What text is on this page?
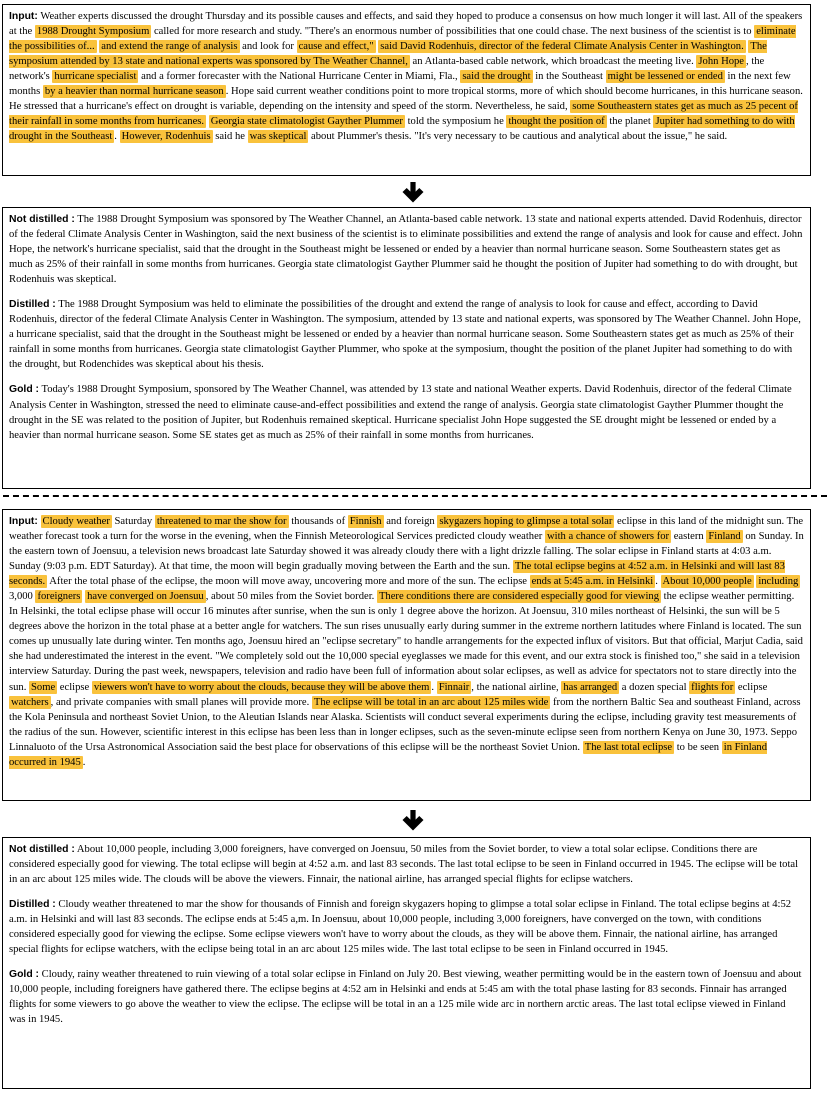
Input: Weather experts discussed the drought Thursday and its possible causes and effects, and said they hoped to produce a consensus on how much longer it will last. All of the speakers at the 1988 Drought Symposium called for more research and study. "There's an enormous number of possibilities that one could chase. The next business of the scientist is to eliminate the possibilities of... and extend the range of analysis and look for cause and effect," said David Rodenhuis, director of the federal Climate Analysis Center in Washington. The symposium attended by 13 state and national experts was sponsored by The Weather Channel, an Atlanta-based cable network, which broadcast the meeting live. John Hope , the network's hurricane specialist and a former forecaster with the National Hurricane Center in Miami, Fla., said the drought in the Southeast might be lessened or ended in the next few months by a heavier than normal hurricane season . Hope said current weather conditions point to more tropical storms, more of which should become hurricanes, in this hurricane season. He stressed that a hurricane's effect on drought is variable, depending on the intensity and speed of the storm. Nevertheless, he said, some Southeastern states get as much as 25 pecent of their rainfall in some months from hurricanes. Georgia state climatologist Gayther Plummer told the symposium he thought the position of the planet Jupiter had something to do with drought in the Southeast . However, Rodenhuis said he was skeptical about Plummer's thesis. "It's very necessary to be cautious and analytical about the issue," he said.

Not distilled : The 1988 Drought Symposium was sponsored by The Weather Channel, an Atlanta-based cable network. 13 state and national experts attended. David Rodenhuis, director of the federal Climate Analysis Center in Washington, said the next business of the scientist is to eliminate possibilities and extend the range of analysis and look for cause and effect. John Hope, the network's hurricane specialist, said that the drought in the Southeast might be lessened or ended by a heavier than normal hurricane season. Some Southeastern states get as much as 25% of their rainfall in some months from hurricanes. Georgia state climatologist Gayther Plummer said he thought the position of Jupiter had something to do with drought, but Rodenhuis was skeptical.

Distilled : The 1988 Drought Symposium was held to eliminate the possibilities of the drought and extend the range of analysis to look for cause and effect, according to David Rodenhuis, director of the federal Climate Analysis Center in Washington. The symposium, attended by 13 state and national experts, was sponsored by The Weather Channel. John Hope, a hurricane specialist, said that the drought in the Southeast might be lessened or ended by a heavier than normal hurricane season. Some Southeastern states get as much as 25% of their rainfall in some months from hurricanes. Georgia state climatologist Gayther Plummer, who spoke at the symposium, thought the position of the planet Jupiter had something to do with the drought, but Rodenchides was skeptical about his thesis.

Gold : Today's 1988 Drought Symposium, sponsored by The Weather Channel, was attended by 13 state and national Weather experts. David Rodenhuis, director of the federal Climate Analysis Center in Washington, stressed the need to eliminate cause-and-effect possibilities and extend the range of analysis. Georgia state climatologist Gayther Plummer thought the drought in the SE was related to the position of Jupiter, but Rodenhuis remained skeptical. Hurricane specialist John Hope suggested the SE drought might be lessened or ended by a heavier than normal hurricane season. Some SE states get as much as 25% of their rainfall in some months from hurricanes.

Input: Cloudy weather Saturday threatened to mar the show for thousands of Finnish and foreign skygazers hoping to glimpse a total solar eclipse in this land of the midnight sun. The weather forecast took a turn for the worse in the evening, when the Finnish Meteorological Services predicted cloudy weather with a chance of showers for eastern Finland on Sunday. In the eastern town of Joensuu, a television news broadcast late Saturday showed it was already cloudy there with a light drizzle falling. The solar eclipse in Finland starts at 4:03 a.m. Sunday (9:03 p.m. EDT Saturday). At that time, the moon will begin gradually moving between the Earth and the sun. The total eclipse begins at 4:52 a.m. in Helsinki and will last 83 seconds. After the total phase of the eclipse, the moon will move away, uncovering more and more of the sun. The eclipse ends at 5:45 a.m. in Helsinki . About 10,000 people including 3,000 foreigners have converged on Joensuu , about 50 miles from the Soviet border. There conditions there are considered especially good for viewing the eclipse weather permitting. In Helsinki, the total eclipse phase will occur 16 minutes after sunrise, when the sun is only 1 degree above the horizon. At Joensuu, 310 miles northeast of Helsinki, the sun will be 5 degrees above the horizon in the total phase at a better angle for watchers. The sun rises unusually early during summer in the extreme northern latitudes where Finland is located. The sun comes up unusually late during winter. Ten months ago, Joensuu hired an "eclipse secretary" to handle arrangements for the expected influx of visitors. But that official, Marjut Cadia, said she had underestimated the interest in the event. "We completely sold out the 10,000 special eyeglasses we made for this event, and our extra stock is finished too," she said in a television interview Saturday. During the past week, newspapers, television and radio have been full of information about solar eclipses, as well as advice for spectators not to stare directly into the sun. Some eclipse viewers won't have to worry about the clouds, because they will be above them . Finnair , the national airline, has arranged a dozen special flights for eclipse watchers , and private companies with small planes will provide more. The eclipse will be total in an arc about 125 miles wide from the northern Baltic Sea and southeast Finland, across the Kola Peninsula and northeast Soviet Union, to the Aleutian Islands near Alaska. Scientists will conduct several experiments during the eclipse, including gravity test measurements of the radius of the sun. However, scientific interest in this eclipse has been less than in longer eclipses, such as the seven-minute eclipse seen from northern Kenya on June 30, 1973. Seppo Linnaluoto of the Ursa Astronomical Association said the best place for observations of this eclipse will be the northeast Soviet Union. The last total eclipse to be seen in Finland occurred in 1945 .

Not distilled : About 10,000 people, including 3,000 foreigners, have converged on Joensuu, 50 miles from the Soviet border, to view a total solar eclipse. Conditions there are considered especially good for viewing. The total eclipse will begin at 4:52 a.m. and last 83 seconds. The last total eclipse to be seen in Finland occurred in 1945. The eclipse will be total in an arc about 125 miles wide. The clouds will be above the viewers. Finnair, the national airline, has arranged special flights for eclipse watchers.

Distilled : Cloudy weather threatened to mar the show for thousands of Finnish and foreign skygazers hoping to glimpse a total solar eclipse in Finland. The total eclipse begins at 4:52 a.m. in Helsinki and will last 83 seconds. The eclipse ends at 5:45 a,m. In Joensuu, about 10,000 people, including 3,000 foreigners, have converged on the town, with conditions considered especially good for viewing the eclipse. Some eclipse viewers won't have to worry about the clouds, as they will be above them. Finnair, the national airline, has arranged special flights for eclipse watchers, with the eclipse being total in an arc about 125 miles wide. The last total eclipse to be seen in Finland occurred in 1945.

Gold : Cloudy, rainy weather threatened to ruin viewing of a total solar eclipse in Finland on July 20. Best viewing, weather permitting would be in the eastern town of Joensuu and about 10,000 people, including foreigners have gathered there. The eclipse begins at 4:52 am in Helsinki and ends at 5:45 am with the total phase lasting for 83 seconds. Finnair has arranged flights for some viewers to go above the weather to view the eclipse. The eclipse will be total in an a 125 mile wide arc in northern arctic areas. The last total eclipse viewed in Finland was in 1945.
